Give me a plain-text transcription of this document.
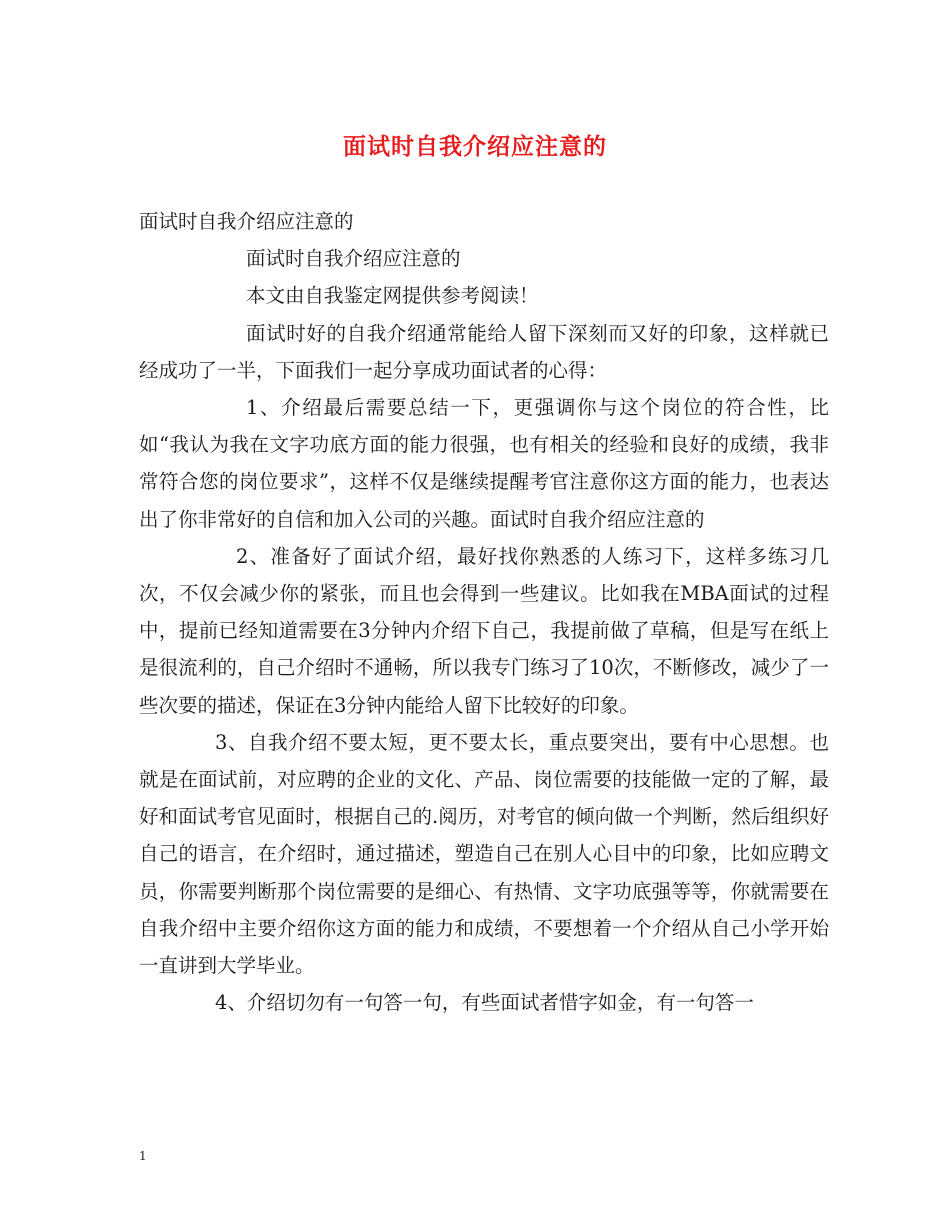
面试时自我介绍应注意的

面试时自我介绍应注意的

面试时自我介绍应注意的

本文由自我鉴定网提供参考阅读！

面试时好的自我介绍通常能给人留下深刻而又好的印象，这样就已经成功了一半，下面我们一起分享成功面试者的心得：

1、介绍最后需要总结一下，更强调你与这个岗位的符合性，比如“我认为我在文字功底方面的能力很强，也有相关的经验和良好的成绩，我非常符合您的岗位要求”，这样不仅是继续提醒考官注意你这方面的能力，也表达出了你非常好的自信和加入公司的兴趣。面试时自我介绍应注意的

2、准备好了面试介绍，最好找你熟悉的人练习下，这样多练习几次，不仅会减少你的紧张，而且也会得到一些建议。比如我在MBA面试的过程中，提前已经知道需要在3分钟内介绍下自己，我提前做了草稿，但是写在纸上是很流利的，自己介绍时不通畅，所以我专门练习了10次，不断修改，减少了一些次要的描述，保证在3分钟内能给人留下比较好的印象。

3、自我介绍不要太短，更不要太长，重点要突出，要有中心思想。也就是在面试前，对应聘的企业的文化、产品、岗位需要的技能做一定的了解，最好和面试考官见面时，根据自己的.阅历，对考官的倾向做一个判断，然后组织好自己的语言，在介绍时，通过描述，塑造自己在别人心目中的印象，比如应聘文员，你需要判断那个岗位需要的是细心、有热情、文字功底强等等，你就需要在自我介绍中主要介绍你这方面的能力和成绩，不要想着一个介绍从自己小学开始一直讲到大学毕业。

4、介绍切勿有一句答一句，有些面试者惜字如金，有一句答一

1
